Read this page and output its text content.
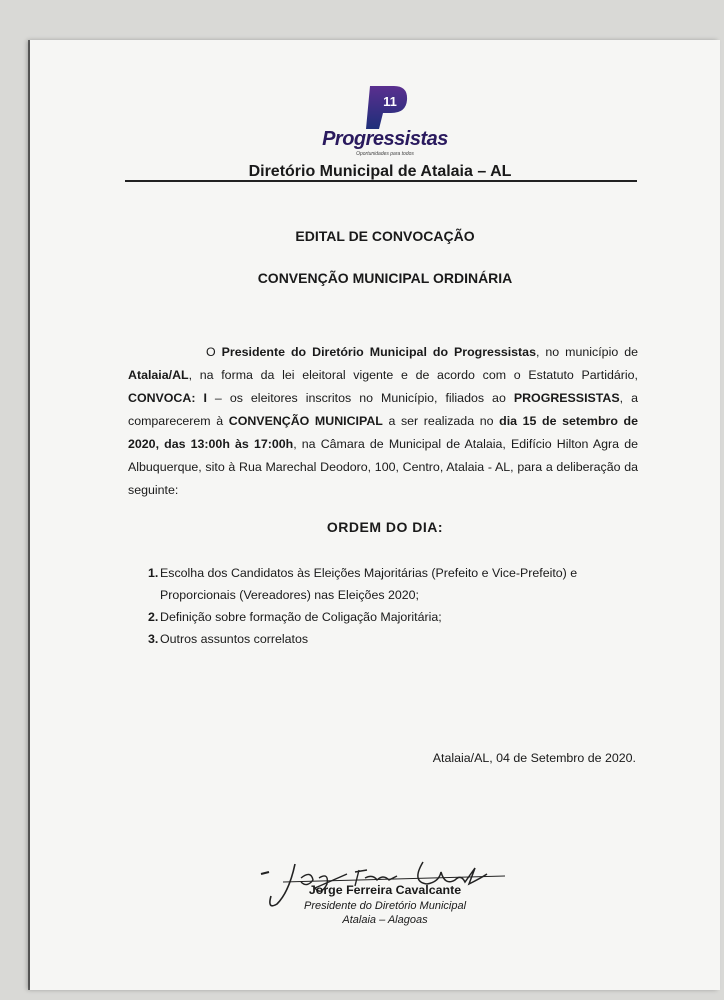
11
Progressistas
Oportunidades para todos
Diretório Municipal de Atalaia – AL
EDITAL DE CONVOCAÇÃO
CONVENÇÃO MUNICIPAL ORDINÁRIA
O Presidente do Diretório Municipal do Progressistas, no município de Atalaia/AL, na forma da lei eleitoral vigente e de acordo com o Estatuto Partidário, CONVOCA: I – os eleitores inscritos no Município, filiados ao PROGRESSISTAS, a comparecerem à CONVENÇÃO MUNICIPAL a ser realizada no dia 15 de setembro de 2020, das 13:00h às 17:00h, na Câmara de Municipal de Atalaia, Edifício Hilton Agra de Albuquerque, sito à Rua Marechal Deodoro, 100, Centro, Atalaia - AL, para a deliberação da seguinte:
ORDEM DO DIA:
1. Escolha dos Candidatos às Eleições Majoritárias (Prefeito e Vice-Prefeito) e Proporcionais (Vereadores) nas Eleições 2020;
2. Definição sobre formação de Coligação Majoritária;
3. Outros assuntos correlatos
Atalaia/AL, 04 de Setembro de 2020.
Jorge Ferreira Cavalcante
Presidente do Diretório Municipal
Atalaia – Alagoas
